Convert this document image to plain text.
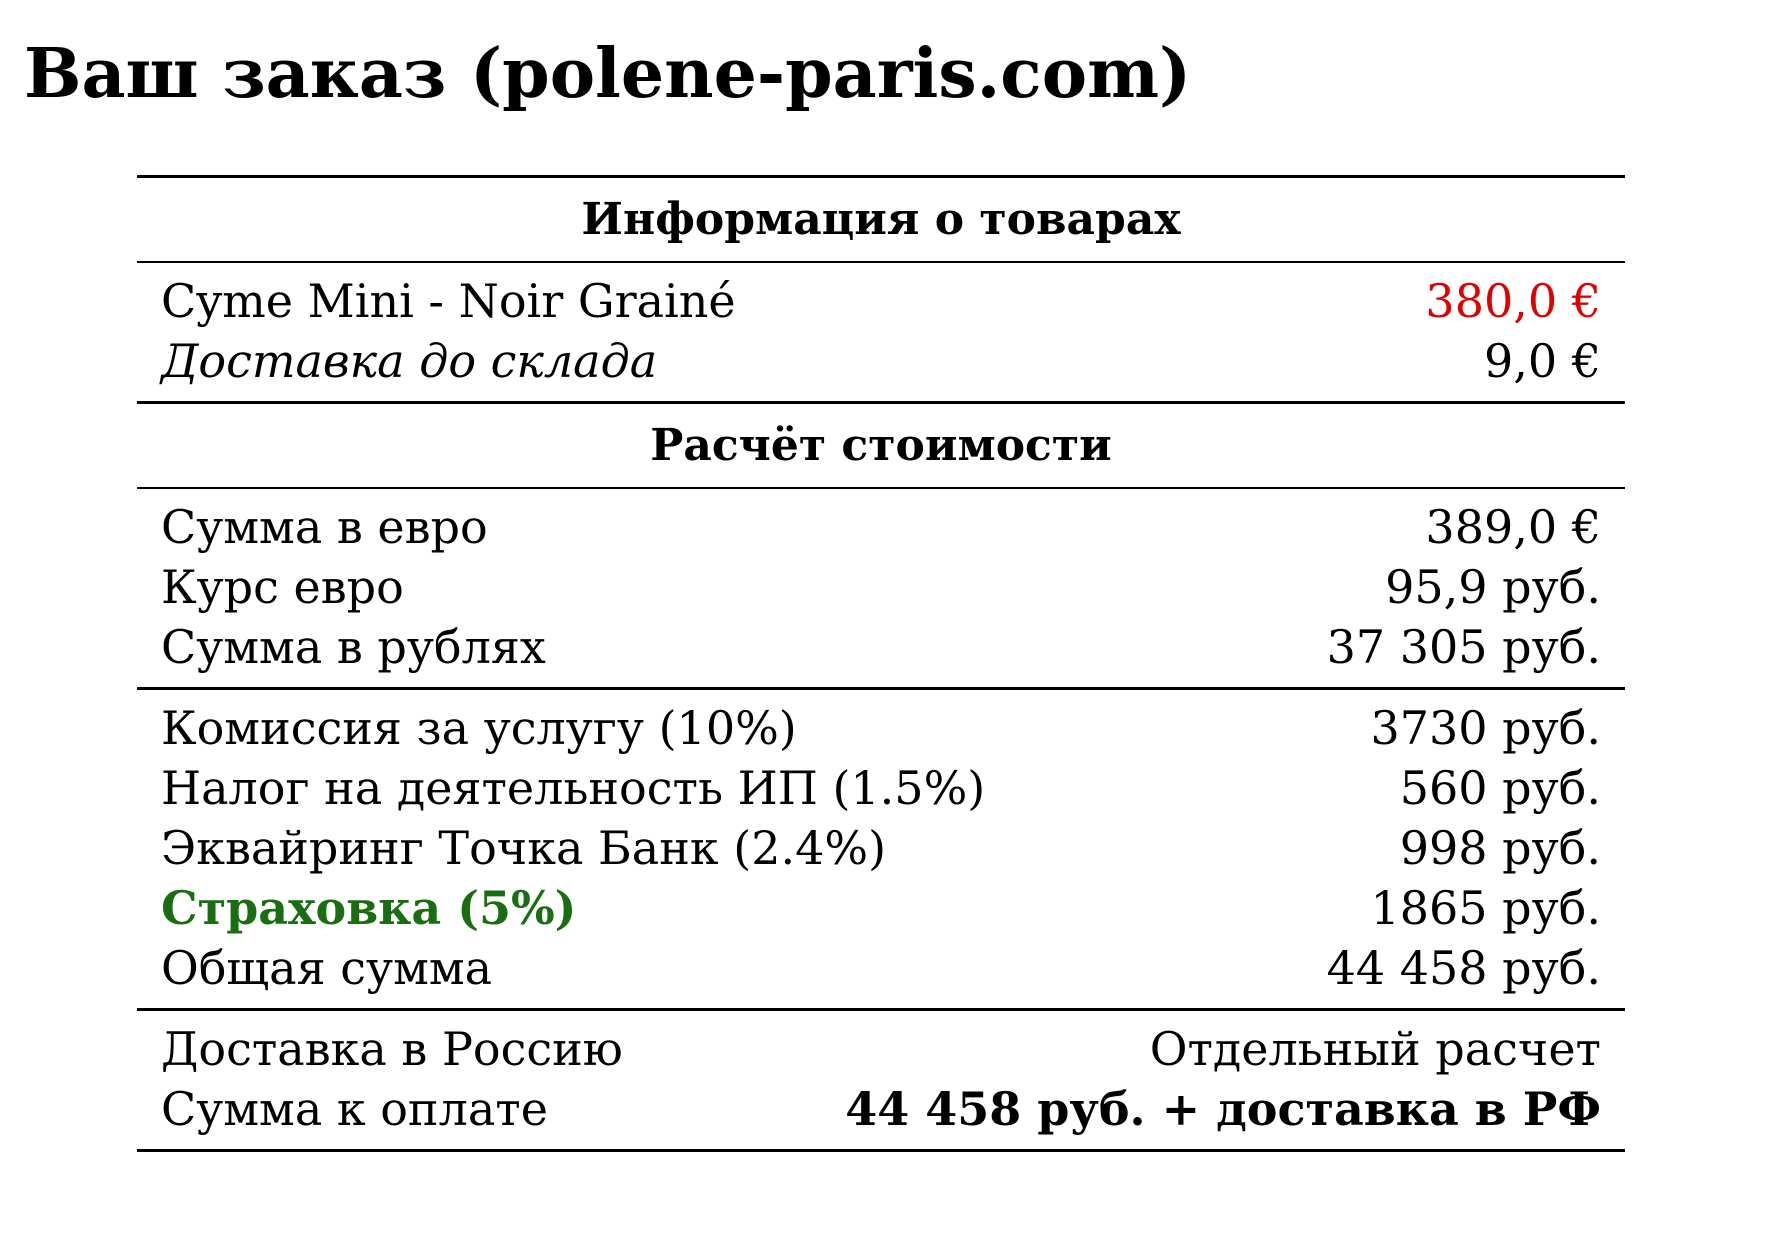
Ваш заказ (polene-paris.com)
Информация о товарах
Cyme Mini - Noir Grainé	380,0 €
Доставка до склада	9,0 €
Расчёт стоимости
Сумма в евро	389,0 €
Курс евро	95,9 руб.
Сумма в рублях	37 305 руб.
Комиссия за услугу (10%)	3730 руб.
Налог на деятельность ИП (1.5%)	560 руб.
Эквайринг Точка Банк (2.4%)	998 руб.
Страховка (5%)	1865 руб.
Общая сумма	44 458 руб.
Доставка в Россию	Отдельный расчет
Сумма к оплате	44 458 руб. + доставка в РФ
